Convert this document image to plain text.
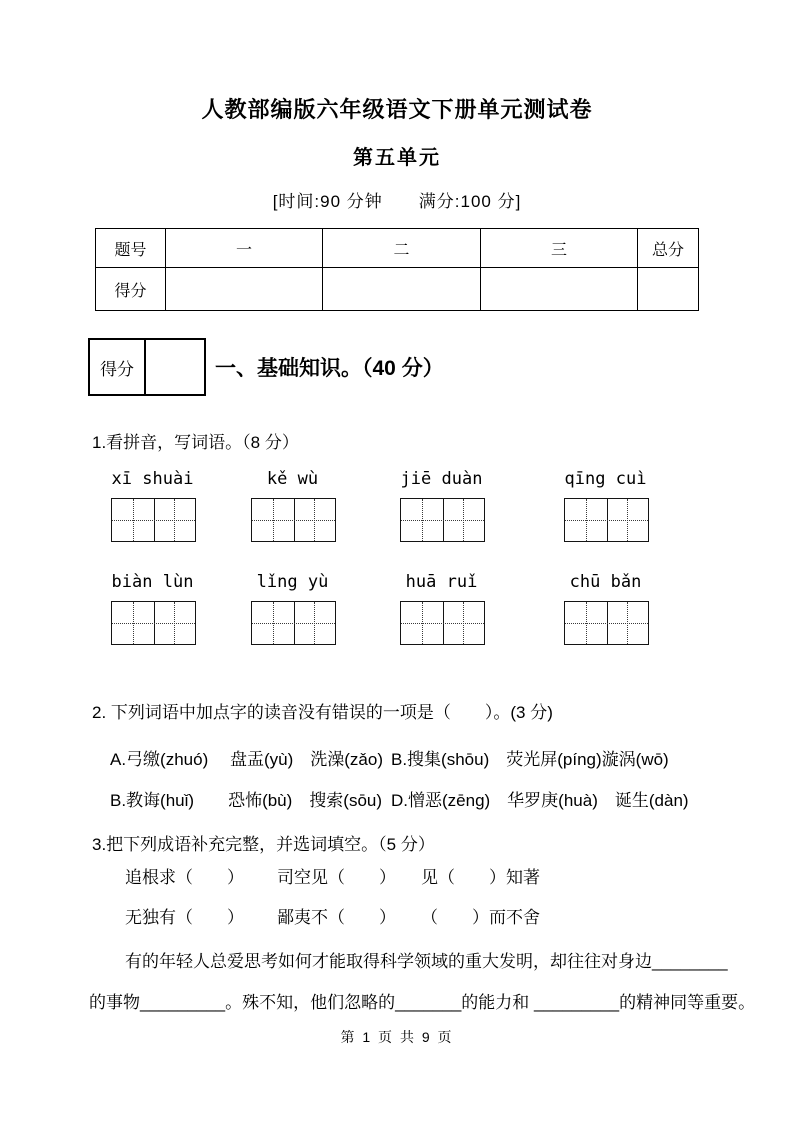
人教部编版六年级语文下册单元测试卷
第五单元
[时间:90 分钟　　满分:100 分]
题号	一	二	三	总分
得分				
得分	一、基础知识。（40 分）
1.看拼音，写词语。（8 分）
xī shuài	kě wù	jiē duàn	qīng cuì
biàn lùn	lǐng yù	huā ruǐ	chū bǎn
2. 下列词语中加点字的读音没有错误的一项是（　　）。(3 分)
A.弓缴(zhuó)　 盘盂(yù)　洗澡(zǎo) B.搜集(shōu)　荧光屏(píng)漩涡(wō)
B.教诲(huǐ)　　恐怖(bù)　搜索(sōu) D.憎恶(zēng)　华罗庚(huà)　诞生(dàn)
3.把下列成语补充完整，并选词填空。（5 分）
追根求（　　） 司空见（　　） 见（　　）知著
无独有（　　） 鄙夷不（　　） （　　）而不舍
有的年轻人总爱思考如何才能取得科学领域的重大发明，却往往对身边________
的事物_________。殊不知，他们忽略的_______的能力和 _________的精神同等重要。
第 1 页 共 9 页
